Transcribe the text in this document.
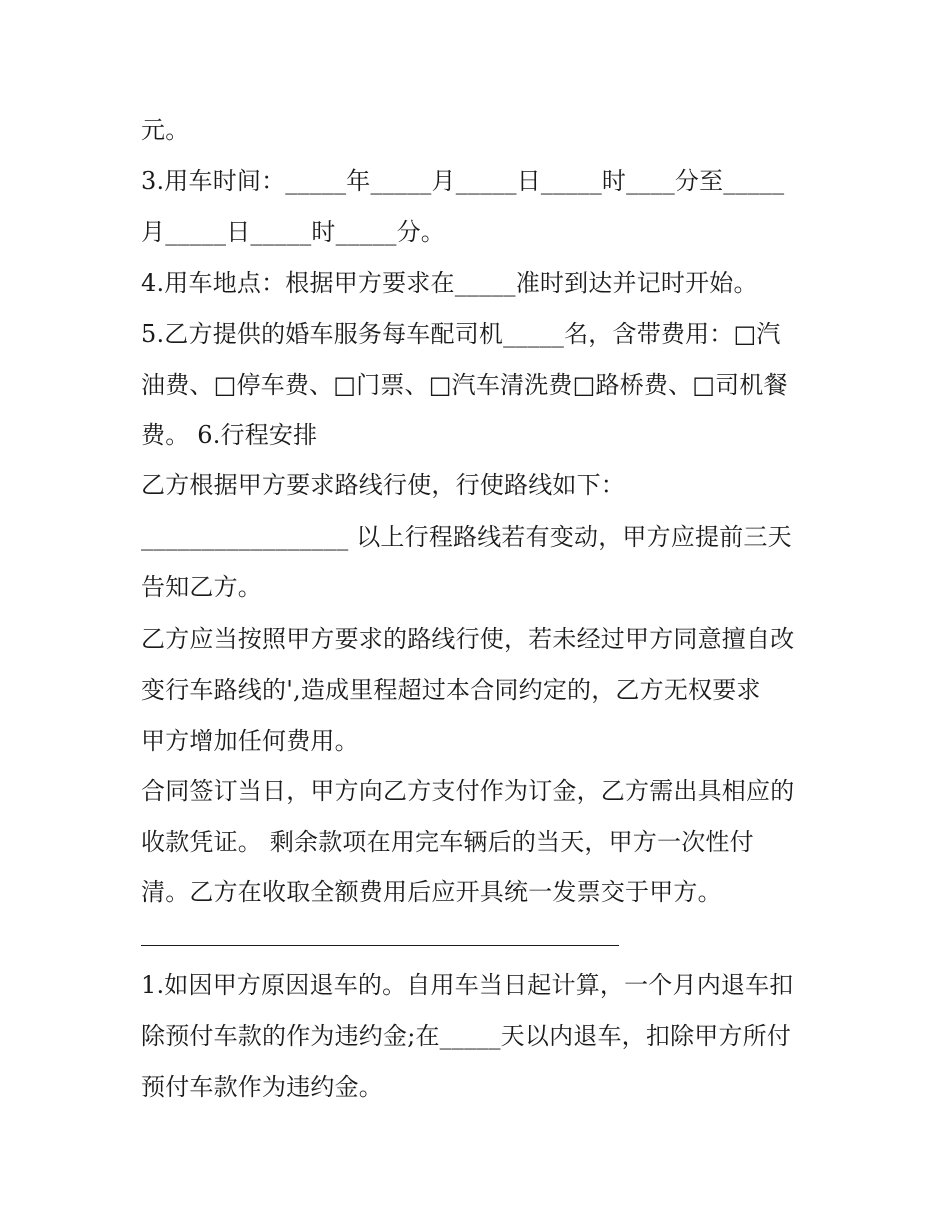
元。
3.用车时间：_____年_____月_____日_____时____分至_____
月_____日_____时_____分。
4.用车地点：根据甲方要求在_____准时到达并记时开始。
5.乙方提供的婚车服务每车配司机_____名，含带费用：□汽
油费、□停车费、□门票、□汽车清洗费□路桥费、□司机餐
费。 6.行程安排
乙方根据甲方要求路线行使，行使路线如下：
_________________ 以上行程路线若有变动，甲方应提前三天
告知乙方。
乙方应当按照甲方要求的路线行使，若未经过甲方同意擅自改
变行车路线的',造成里程超过本合同约定的，乙方无权要求
甲方增加任何费用。
合同签订当日，甲方向乙方支付作为订金，乙方需出具相应的
收款凭证。 剩余款项在用完车辆后的当天，甲方一次性付
清。乙方在收取全额费用后应开具统一发票交于甲方。
1.如因甲方原因退车的。自用车当日起计算，一个月内退车扣
除预付车款的作为违约金;在_____天以内退车，扣除甲方所付
预付车款作为违约金。
